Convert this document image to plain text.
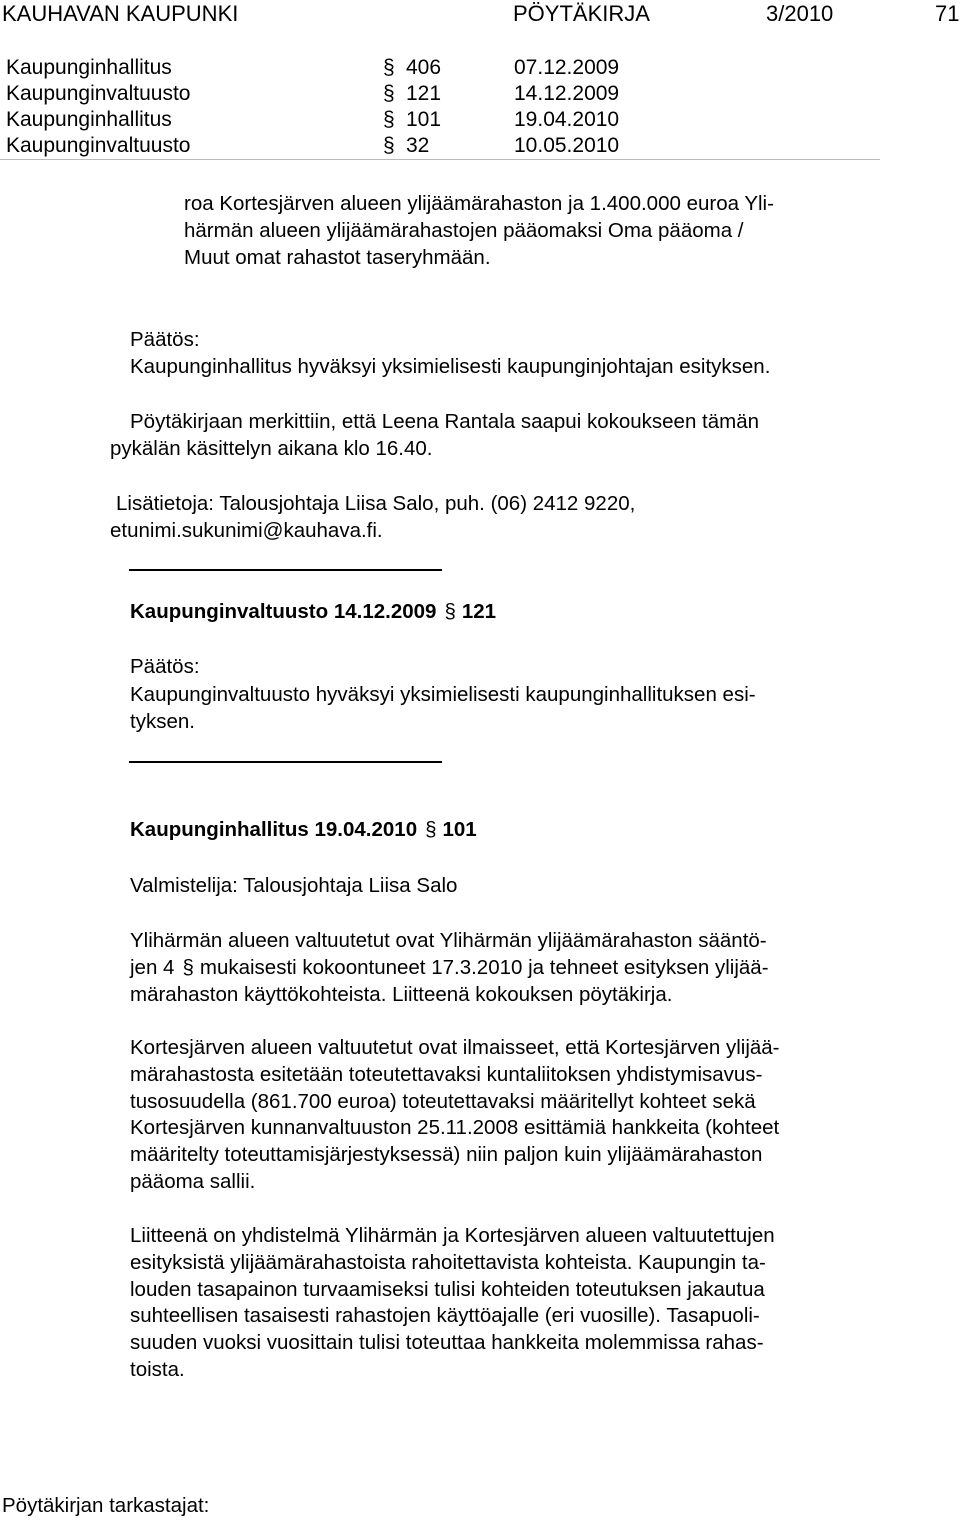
KAUHAVAN KAUPUNKI	PÖYTÄKIRJA	3/2010	71
Kaupunginhallitus	§ 406	07.12.2009
Kaupunginvaltuusto	§ 121	14.12.2009
Kaupunginhallitus	§ 101	19.04.2010
Kaupunginvaltuusto	§ 32	10.05.2010
roa Kortesjärven alueen ylijäämärahaston ja 1.400.000 euroa Yli-
härmän alueen ylijäämärahastojen pääomaksi Oma pääoma /
Muut omat rahastot taseryhmään.
Päätös:
Kaupunginhallitus hyväksyi yksimielisesti kaupunginjohtajan esityksen.
Pöytäkirjaan merkittiin, että Leena Rantala saapui kokoukseen tämän
pykälän käsittelyn aikana klo 16.40.
Lisätietoja: Talousjohtaja Liisa Salo, puh. (06) 2412 9220,
etunimi.sukunimi@kauhava.fi.
Kaupunginvaltuusto 14.12.2009 § 121
Päätös:
Kaupunginvaltuusto hyväksyi yksimielisesti kaupunginhallituksen esi-
tyksen.
Kaupunginhallitus 19.04.2010 § 101
Valmistelija: Talousjohtaja Liisa Salo
Ylihärmän alueen valtuutetut ovat Ylihärmän ylijäämärahaston sääntö-
jen 4 § mukaisesti kokoontuneet 17.3.2010 ja tehneet esityksen ylijää-
märahaston käyttökohteista. Liitteenä kokouksen pöytäkirja.
Kortesjärven alueen valtuutetut ovat ilmaisseet, että Kortesjärven ylijää-
märahastosta esitetään toteutettavaksi kuntaliitoksen yhdistymisavus-
tusosuudella (861.700 euroa) toteutettavaksi määritellyt kohteet sekä
Kortesjärven kunnanvaltuuston 25.11.2008 esittämiä hankkeita (kohteet
määritelty toteuttamisjärjestyksessä) niin paljon kuin ylijäämärahaston
pääoma sallii.
Liitteenä on yhdistelmä Ylihärmän ja Kortesjärven alueen valtuutettujen
esityksistä ylijäämärahastoista rahoitettavista kohteista. Kaupungin ta-
louden tasapainon turvaamiseksi tulisi kohteiden toteutuksen jakautua
suhteellisen tasaisesti rahastojen käyttöajalle (eri vuosille). Tasapuoli-
suuden vuoksi vuosittain tulisi toteuttaa hankkeita molemmissa rahas-
toista.
Pöytäkirjan tarkastajat:
